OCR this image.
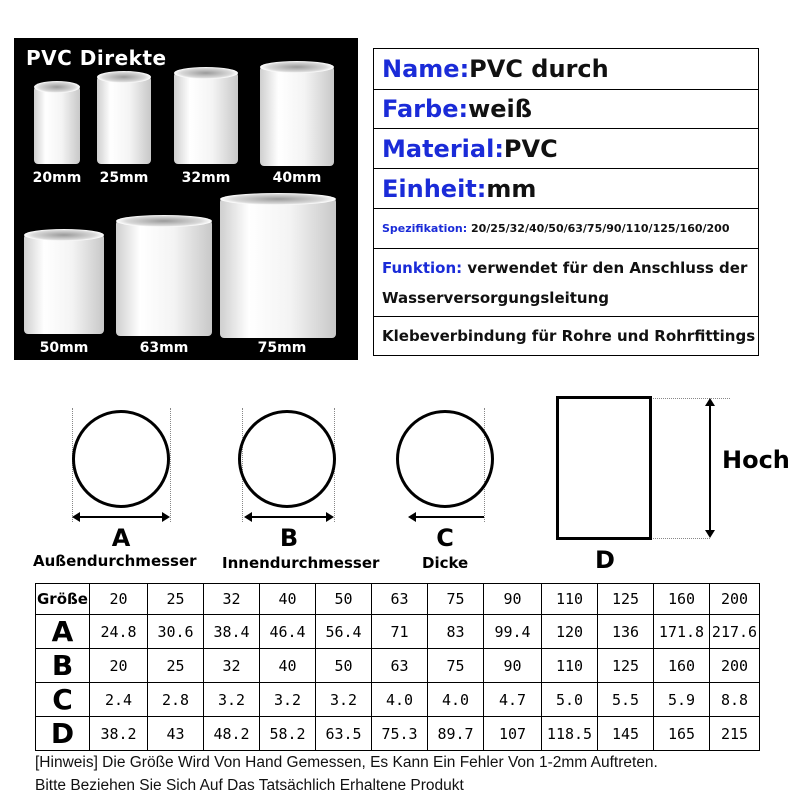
PVC Direkte
20mm	25mm	32mm	40mm
50mm	63mm	75mm
Name: PVC durch
Farbe: weiß
Material: PVC
Einheit: mm
Spezifikation:
20/25/32/40/50/63/75/90/110/125/160/200
Funktion: verwendet für den Anschluss der
Wasserversorgungsleitung
Klebeverbindung für Rohre und Rohrfittings
A
Außendurchmesser
B
Innendurchmesser
C
Dicke
Hoch
D
Größe	20	25	32	40	50	63	75	90	110	125	160	200
A	24.8	30.6	38.4	46.4	56.4	71	83	99.4	120	136	171.8	217.6
B	20	25	32	40	50	63	75	90	110	125	160	200
C	2.4	2.8	3.2	3.2	3.2	4.0	4.0	4.7	5.0	5.5	5.9	8.8
D	38.2	43	48.2	58.2	63.5	75.3	89.7	107	118.5	145	165	215
[Hinweis] Die Größe Wird Von Hand Gemessen, Es Kann Ein Fehler Von 1-2mm Auftreten.
Bitte Beziehen Sie Sich Auf Das Tatsächlich Erhaltene Produkt
